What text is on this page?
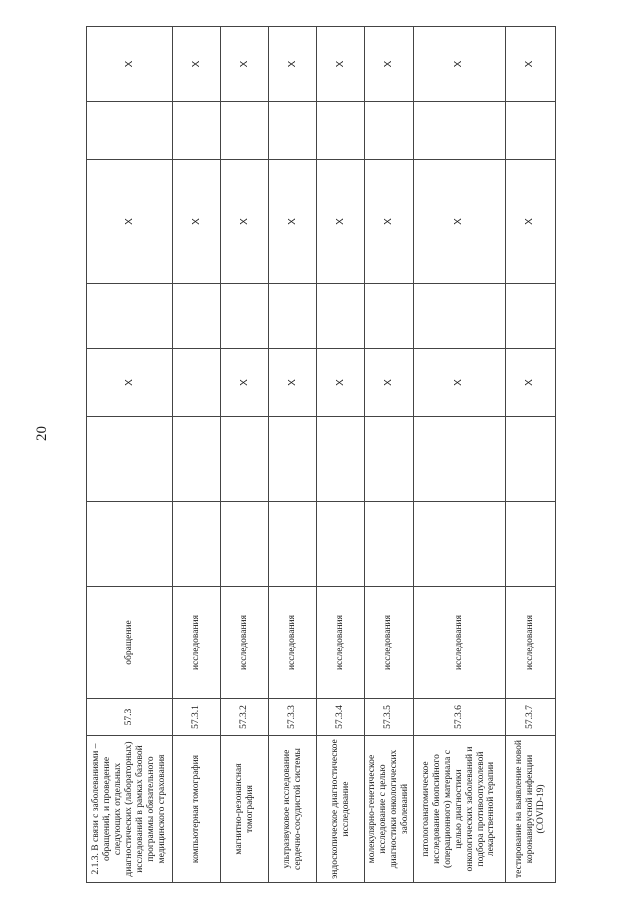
20
2.1.3. В связи с заболеваниями – обращений, и проведение следующих отдельных диагностических (лабораторных) исследований в рамках базовой программы обязательного медицинского страхования	57.3	обращение			X		X		X
компьютерная томография	57.3.1	исследования					X		X
магнитно-резонансная томография	57.3.2	исследования			X		X		X
ультразвуковое исследование сердечно-сосудистой системы	57.3.3	исследования			X		X		X
эндоскопическое диагностическое исследование	57.3.4	исследования			X		X		X
молекулярно-генетическое исследование с целью диагностики онкологических заболеваний	57.3.5	исследования			X		X		X
патологоанатомическое исследование биопсийного (операционного) материала с целью диагностики онкологических заболеваний и подбора противоопухолевой лекарственной терапии	57.3.6	исследования			X		X		X
тестирование на выявление новой коронавирусной инфекции (COVID-19)	57.3.7	исследования			X		X		X
